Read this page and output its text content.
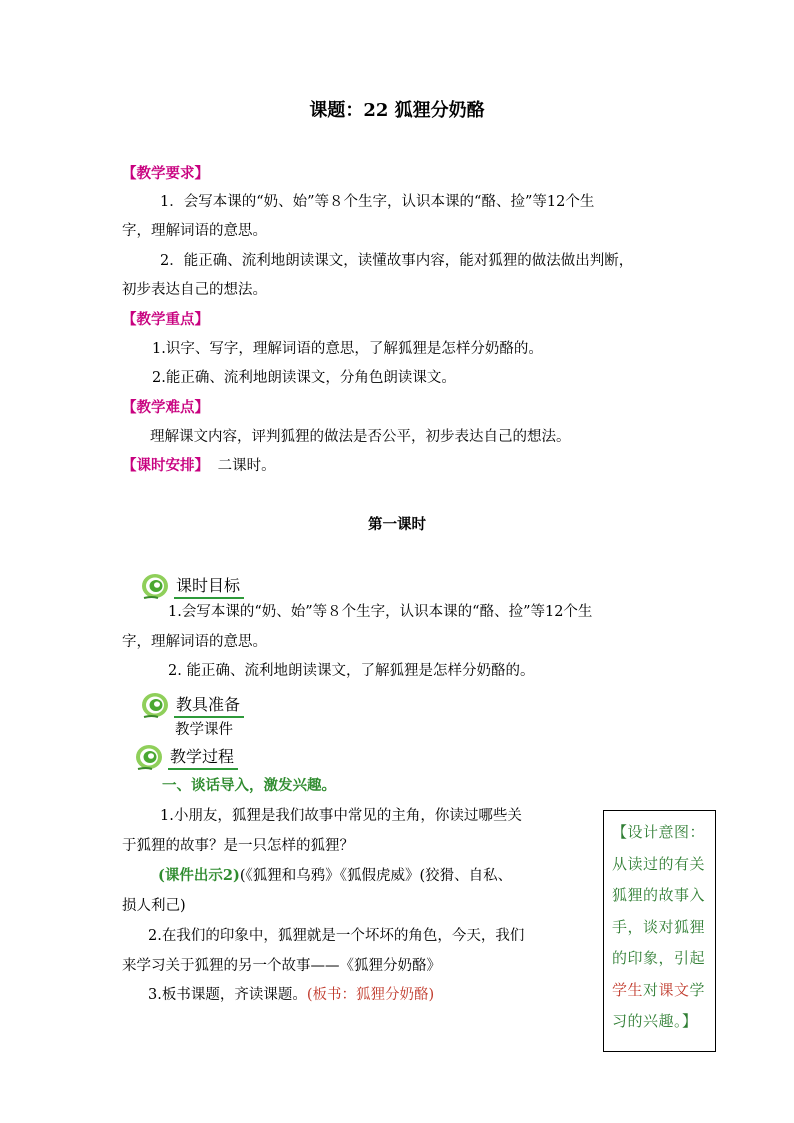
课题：22 狐狸分奶酪
【教学要求】
1．会写本课的“奶、始”等８个生字，认识本课的“酪、捡”等12个生
字，理解词语的意思。
2．能正确、流利地朗读课文，读懂故事内容，能对狐狸的做法做出判断，
初步表达自己的想法。
【教学重点】
1.识字、写字，理解词语的意思，了解狐狸是怎样分奶酪的。
2.能正确、流利地朗读课文，分角色朗读课文。
【教学难点】
理解课文内容，评判狐狸的做法是否公平，初步表达自己的想法。
【课时安排】 二课时。
第一课时
课时目标
1.会写本课的“奶、始”等８个生字，认识本课的“酪、捡”等12个生
字，理解词语的意思。
2. 能正确、流利地朗读课文，了解狐狸是怎样分奶酪的。
教具准备
教学课件
教学过程
一、谈话导入，激发兴趣。
1.小朋友，狐狸是我们故事中常见的主角，你读过哪些关
于狐狸的故事？是一只怎样的狐狸？
(课件出示2)(《狐狸和乌鸦》《狐假虎威》(狡猾、自私、
损人利己)
2.在我们的印象中，狐狸就是一个坏坏的角色，今天，我们
来学习关于狐狸的另一个故事——《狐狸分奶酪》
3.板书课题，齐读课题。(板书：狐狸分奶酪)
【设计意图：从读过的有关狐狸的故事入手，谈对狐狸的印象，引起学生对课文学习的兴趣。】
